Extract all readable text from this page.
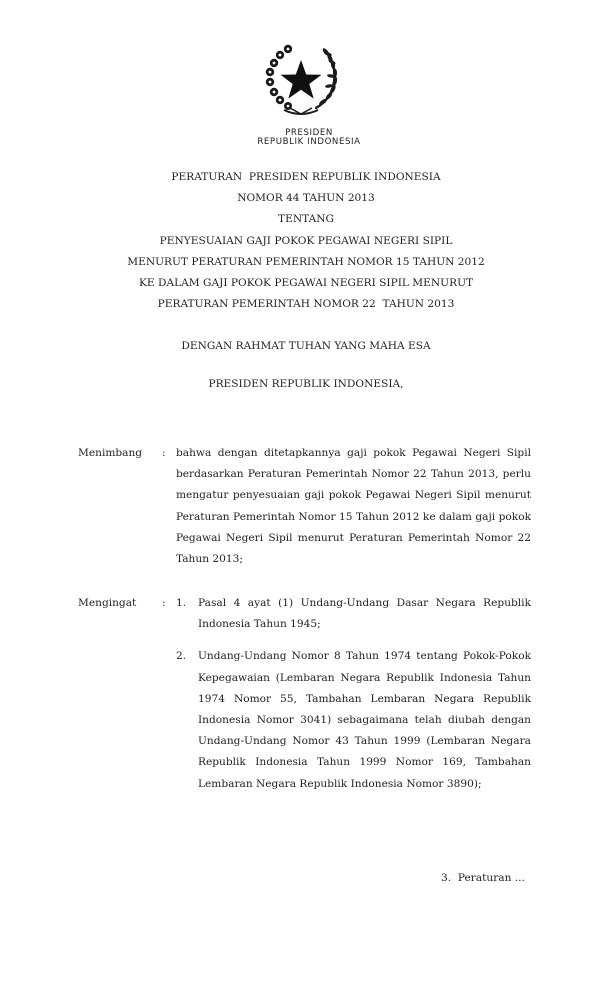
PRESIDEN
REPUBLIK INDONESIA
PERATURAN  PRESIDEN REPUBLIK INDONESIA
NOMOR 44 TAHUN 2013
TENTANG
PENYESUAIAN GAJI POKOK PEGAWAI NEGERI SIPIL
MENURUT PERATURAN PEMERINTAH NOMOR 15 TAHUN 2012
KE DALAM GAJI POKOK PEGAWAI NEGERI SIPIL MENURUT
PERATURAN PEMERINTAH NOMOR 22  TAHUN 2013
DENGAN RAHMAT TUHAN YANG MAHA ESA
PRESIDEN REPUBLIK INDONESIA,
Menimbang : bahwa dengan ditetapkannya gaji pokok Pegawai Negeri Sipil berdasarkan Peraturan Pemerintah Nomor 22 Tahun 2013, perlu mengatur penyesuaian gaji pokok Pegawai Negeri Sipil menurut Peraturan Pemerintah Nomor 15 Tahun 2012 ke dalam gaji pokok Pegawai Negeri Sipil menurut Peraturan Pemerintah Nomor 22 Tahun 2013;
Mengingat : 1. Pasal 4 ayat (1) Undang-Undang Dasar Negara Republik Indonesia Tahun 1945;
2. Undang-Undang Nomor 8 Tahun 1974 tentang Pokok-Pokok Kepegawaian (Lembaran Negara Republik Indonesia Tahun 1974 Nomor 55, Tambahan Lembaran Negara Republik Indonesia Nomor 3041) sebagaimana telah diubah dengan Undang-Undang Nomor 43 Tahun 1999 (Lembaran Negara Republik Indonesia Tahun 1999 Nomor 169, Tambahan Lembaran Negara Republik Indonesia Nomor 3890);
3.  Peraturan ...
